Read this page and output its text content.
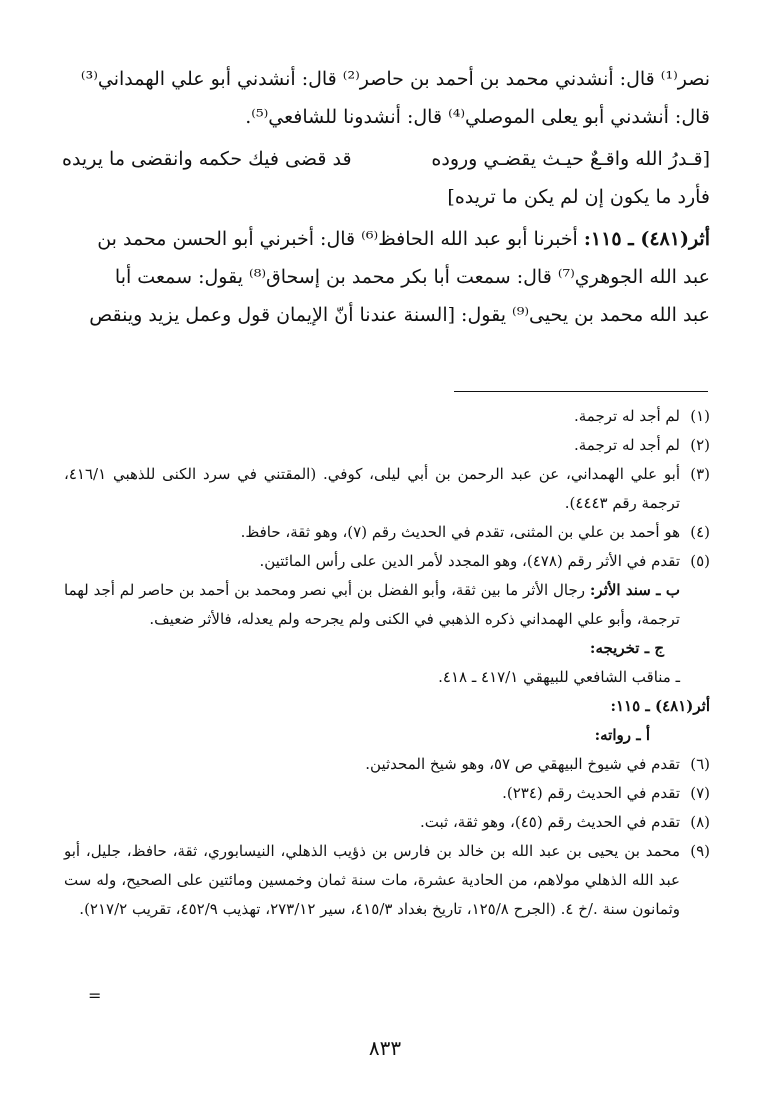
نصر⁽¹⁾ قال: أنشدني محمد بن أحمد بن حاصر⁽²⁾ قال: أنشدني أبو علي الهمداني⁽³⁾

قال: أنشدني أبو يعلى الموصلي⁽⁴⁾ قال: أنشدونا للشافعي⁽⁵⁾.

[قـدرُ الله واقـعٌ حيـث يقضـي وروده
قد قضى فيك حكمه وانقضى ما يريده
فأرد ما يكون إن لم يكن ما تريده]

أثر(٤٨١) ـ ١١٥: أخبرنا أبو عبد الله الحافظ⁽⁶⁾ قال: أخبرني أبو الحسن محمد بن

عبد الله الجوهري⁽⁷⁾ قال: سمعت أبا بكر محمد بن إسحاق⁽⁸⁾ يقول: سمعت أبا

عبد الله محمد بن يحيى⁽⁹⁾ يقول: [السنة عندنا أنّ الإيمان قول وعمل يزيد وينقص

(١)
لم أجد له ترجمة.
(٢)
لم أجد له ترجمة.
(٣)
أبو علي الهمداني، عن عبد الرحمن بن أبي ليلى، كوفي. (المقتني في سرد الكنى للذهبي ٤١٦/١، ترجمة رقم ٤٤٤٣).
(٤)
هو أحمد بن علي بن المثنى، تقدم في الحديث رقم (٧)، وهو ثقة، حافظ.
(٥)
تقدم في الأثر رقم (٤٧٨)، وهو المجدد لأمر الدين على رأس المائتين.
ب ـ سند الأثر: رجال الأثر ما بين ثقة، وأبو الفضل بن أبي نصر ومحمد بن أحمد بن حاصر لم أجد لهما ترجمة، وأبو علي الهمداني ذكره الذهبي في الكنى ولم يجرحه ولم يعدله، فالأثر ضعيف.
ج ـ تخريجه:
ـ مناقب الشافعي للبيهقي ٤١٧/١ ـ ٤١٨.
أثر(٤٨١) ـ ١١٥:
أ ـ رواته:
(٦)
تقدم في شيوخ البيهقي ص ٥٧، وهو شيخ المحدثين.
(٧)
تقدم في الحديث رقم (٢٣٤).
(٨)
تقدم في الحديث رقم (٤٥)، وهو ثقة، ثبت.
(٩)
محمد بن يحيى بن عبد الله بن خالد بن فارس بن ذؤيب الذهلي، النيسابوري، ثقة، حافظ، جليل، أبو عبد الله الذهلي مولاهم، من الحادية عشرة، مات سنة ثمان وخمسين ومائتين على الصحيح، وله ست وثمانون سنة ./خ ٤. (الجرح ١٢٥/٨، تاريخ بغداد ٤١٥/٣، سير ٢٧٣/١٢، تهذيب ٤٥٢/٩، تقريب ٢١٧/٢).
=
٨٣٣
